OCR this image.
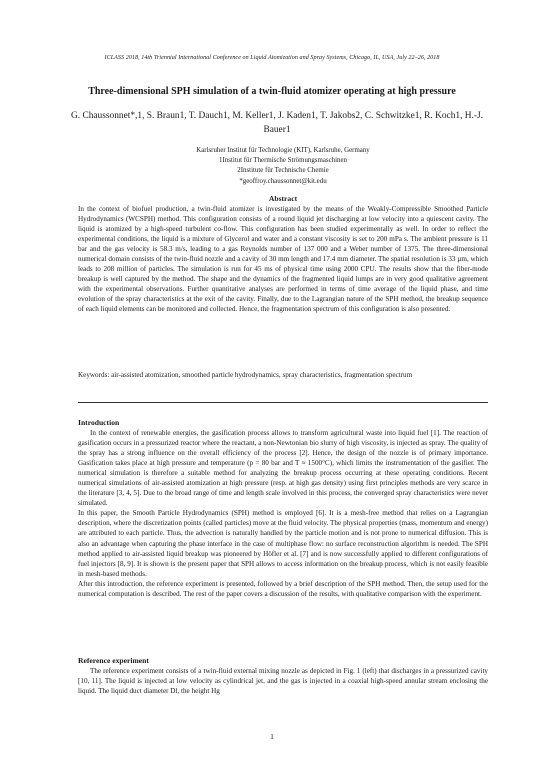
ICLASS 2018, 14th Triennial International Conference on Liquid Atomization and Spray Systems, Chicago, IL, USA, July 22–26, 2018
Three-dimensional SPH simulation of a twin-fluid atomizer operating at high pressure
G. Chaussonnet*,1, S. Braun1, T. Dauch1, M. Keller1, J. Kaden1, T. Jakobs2, C. Schwitzke1, R. Koch1, H.-J. Bauer1
Karlsruher Institut für Technologie (KIT), Karlsruhe, Germany
1Institut für Thermische Strömungsmaschinen
2Institute für Technische Chemie
*geoffroy.chaussonnet@kit.edu
Abstract
In the context of biofuel production, a twin-fluid atomizer is investigated by the means of the Weakly-Compressible Smoothed Particle Hydrodynamics (WCSPH) method. This configuration consists of a round liquid jet discharging at low velocity into a quiescent cavity. The liquid is atomized by a high-speed turbulent co-flow. This configuration has been studied experimentally as well. In order to reflect the experimental conditions, the liquid is a mixture of Glycerol and water and a constant viscosity is set to 200 mPa s. The ambient pressure is 11 bar and the gas velocity is 58.3 m/s, leading to a gas Reynolds number of 137 000 and a Weber number of 1375. The three-dimensional numerical domain consists of the twin-fluid nozzle and a cavity of 30 mm length and 17.4 mm diameter. The spatial resolution is 33 µm, which leads to 208 million of particles. The simulation is run for 45 ms of physical time using 2000 CPU. The results show that the fiber-mode breakup is well captured by the method. The shape and the dynamics of the fragmented liquid lumps are in very good qualitative agreement with the experimental observations. Further quantitative analyses are performed in terms of time average of the liquid phase, and time evolution of the spray characteristics at the exit of the cavity. Finally, due to the Lagrangian nature of the SPH method, the breakup sequence of each liquid elements can be monitored and collected. Hence, the fragmentation spectrum of this configuration is also presented.
Keywords: air-assisted atomization, smoothed particle hydrodynamics, spray characteristics, fragmentation spectrum
Introduction

In the context of renewable energies, the gasification process allows to transform agricultural waste into liquid fuel [1]. The reaction of gasification occurs in a pressurized reactor where the reactant, a non-Newtonian bio slurry of high viscosity, is injected as spray. The quality of the spray has a strong influence on the overall efficiency of the process [2]. Hence, the design of the nozzle is of primary importance. Gasification takes place at high pressure and temperature (p = 80 bar and T ≈ 1500°C), which limits the instrumentation of the gasifier. The numerical simulation is therefore a suitable method for analyzing the breakup process occurring at these operating conditions. Recent numerical simulations of air-assisted atomization at high pressure (resp. at high gas density) using first principles methods are very scarce in the literature [3, 4, 5]. Due to the broad range of time and length scale involved in this process, the converged spray characteristics were never simulated.

In this paper, the Smooth Particle Hydrodynamics (SPH) method is employed [6]. It is a mesh-free method that relies on a Lagrangian description, where the discretization points (called particles) move at the fluid velocity. The physical properties (mass, momentum and energy) are attributed to each particle. Thus, the advection is naturally handled by the particle motion and is not prone to numerical diffusion. This is also an advantage when capturing the phase interface in the case of multiphase flow: no surface reconstruction algorithm is needed. The SPH method applied to air-assisted liquid breakup was pioneered by Höfler et al. [7] and is now successfully applied to different configurations of fuel injectors [8, 9]. It is shown is the present paper that SPH allows to access information on the breakup process, which is not easily feasible in mesh-based methods.

After this introduction, the reference experiment is presented, followed by a brief description of the SPH method. Then, the setup used for the numerical computation is described. The rest of the paper covers a discussion of the results, with qualitative comparison with the experiment.

Reference experiment

The reference experiment consists of a twin-fluid external mixing nozzle as depicted in Fig. 1 (left) that discharges in a pressurized cavity [10, 11]. The liquid is injected at low velocity as cylindrical jet, and the gas is injected in a coaxial high-speed annular stream enclosing the liquid. The liquid duct diameter Dl, the height Hg

1
